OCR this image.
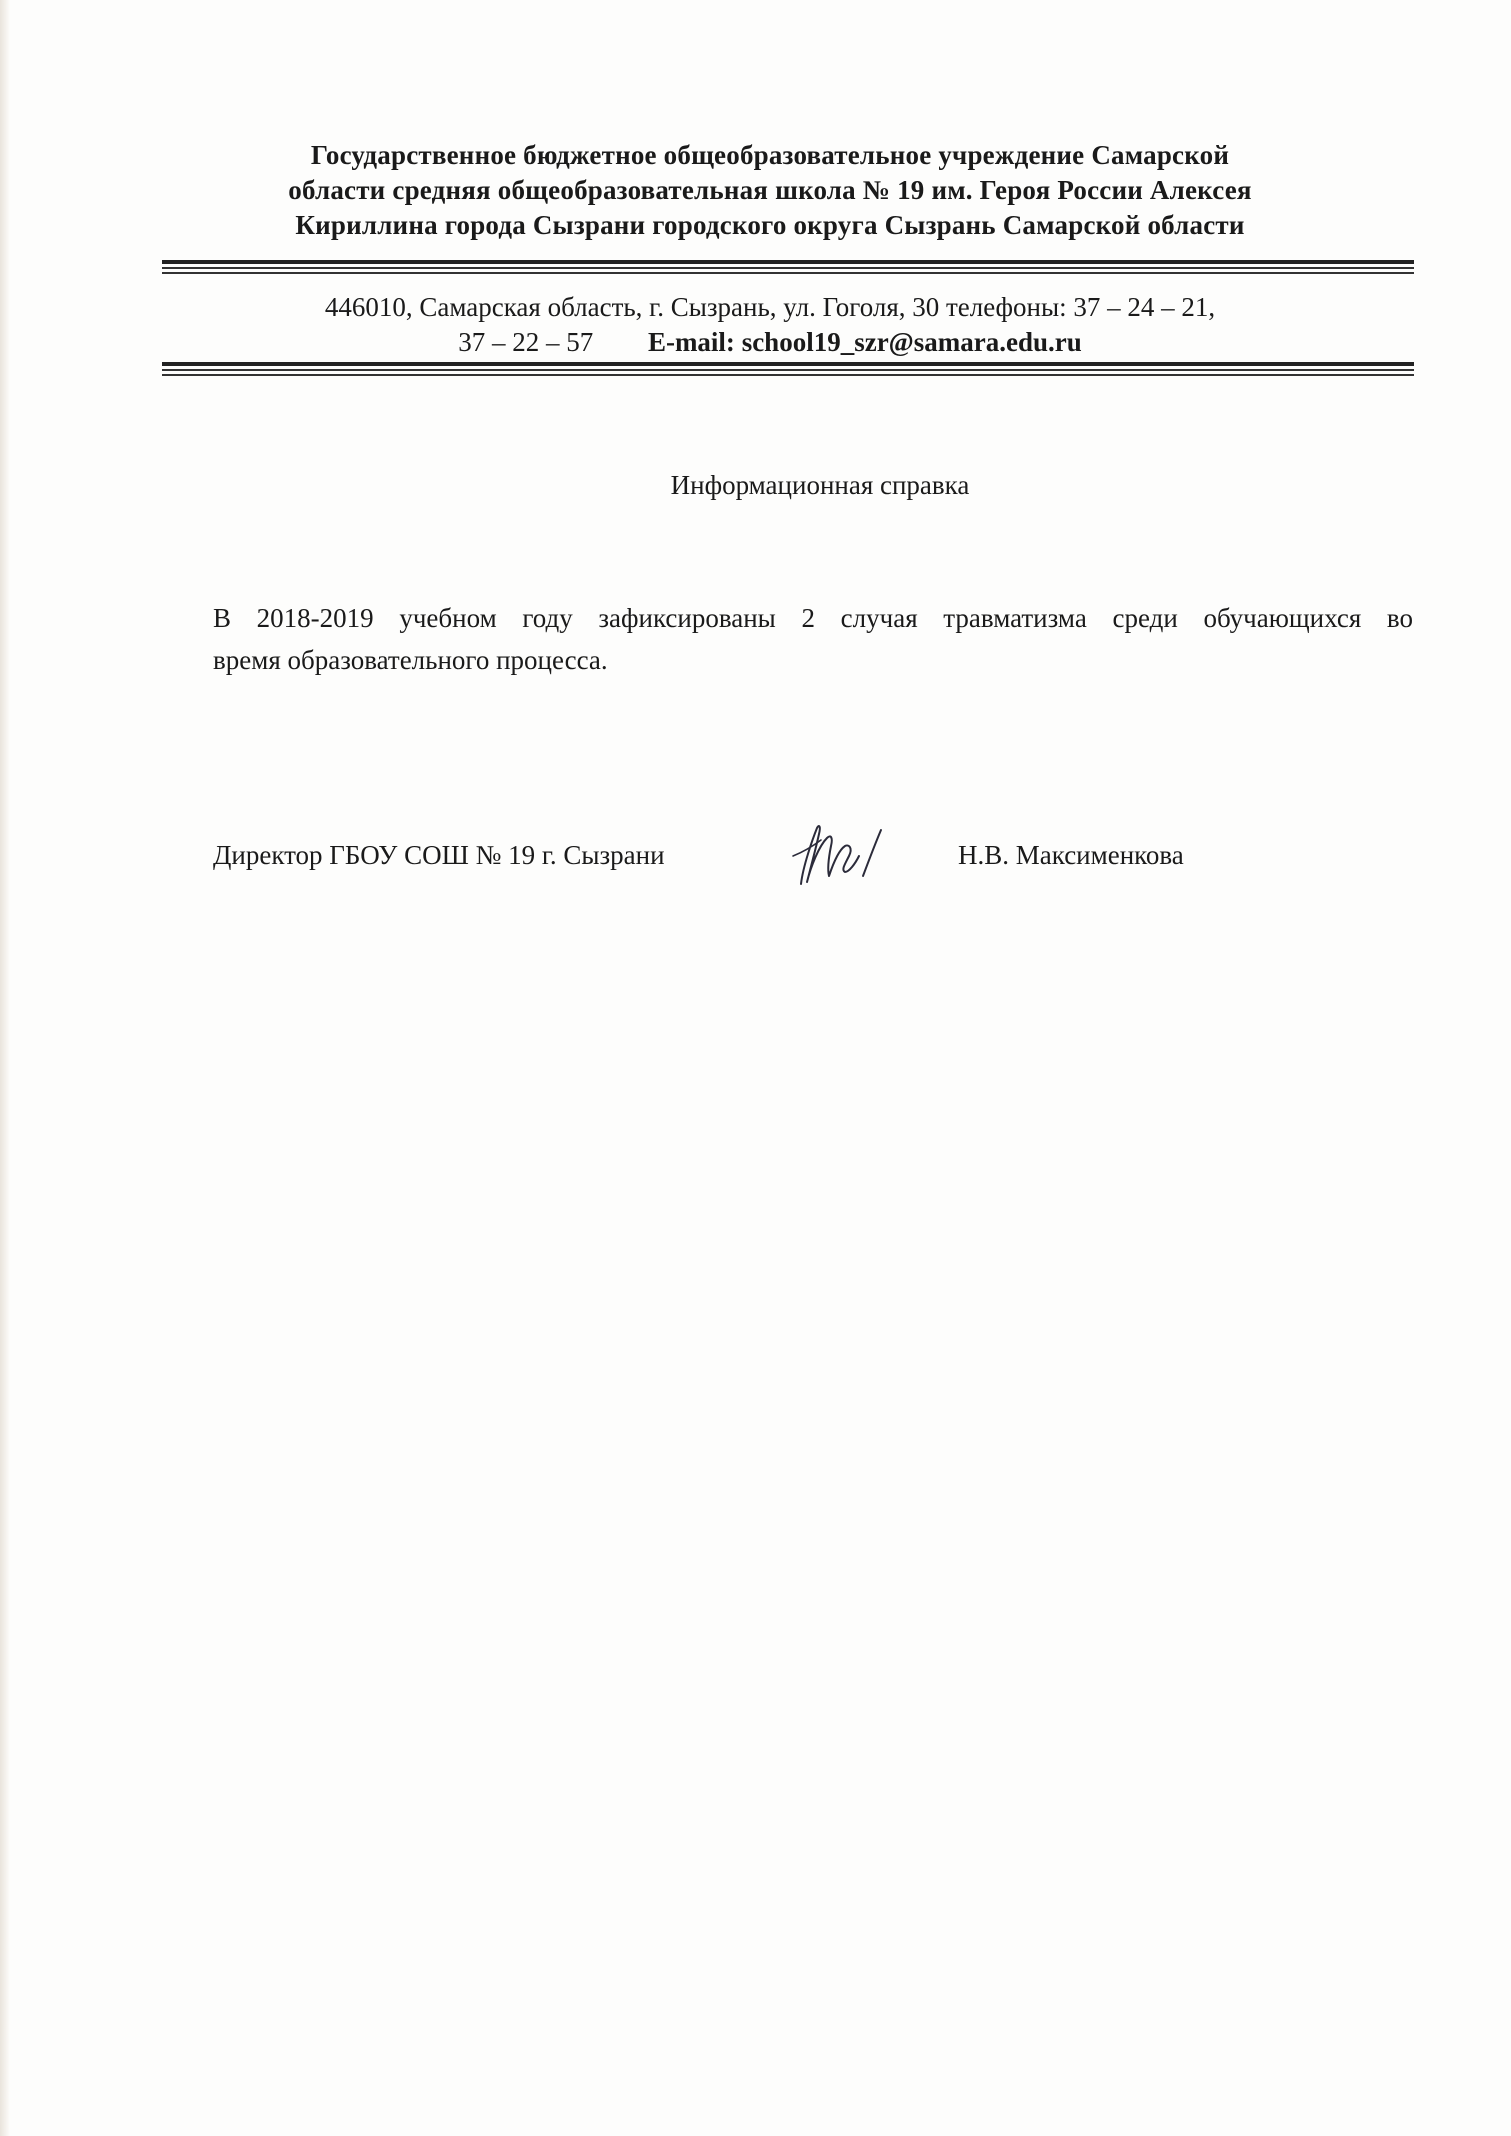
Государственное бюджетное общеобразовательное учреждение Самарской
области средняя общеобразовательная школа № 19 им. Героя России Алексея
Кириллина города Сызрани городского округа Сызрань Самарской области
446010, Самарская область, г. Сызрань, ул. Гоголя, 30 телефоны: 37 – 24 – 21,
37 – 22 – 57 E-mail: school19_szr@samara.edu.ru
Информационная справка
В 2018-2019 учебном году зафиксированы 2 случая травматизма среди обучающихся во
время образовательного процесса.
Директор ГБОУ СОШ № 19 г. Сызрани	Н.В. Максименкова
